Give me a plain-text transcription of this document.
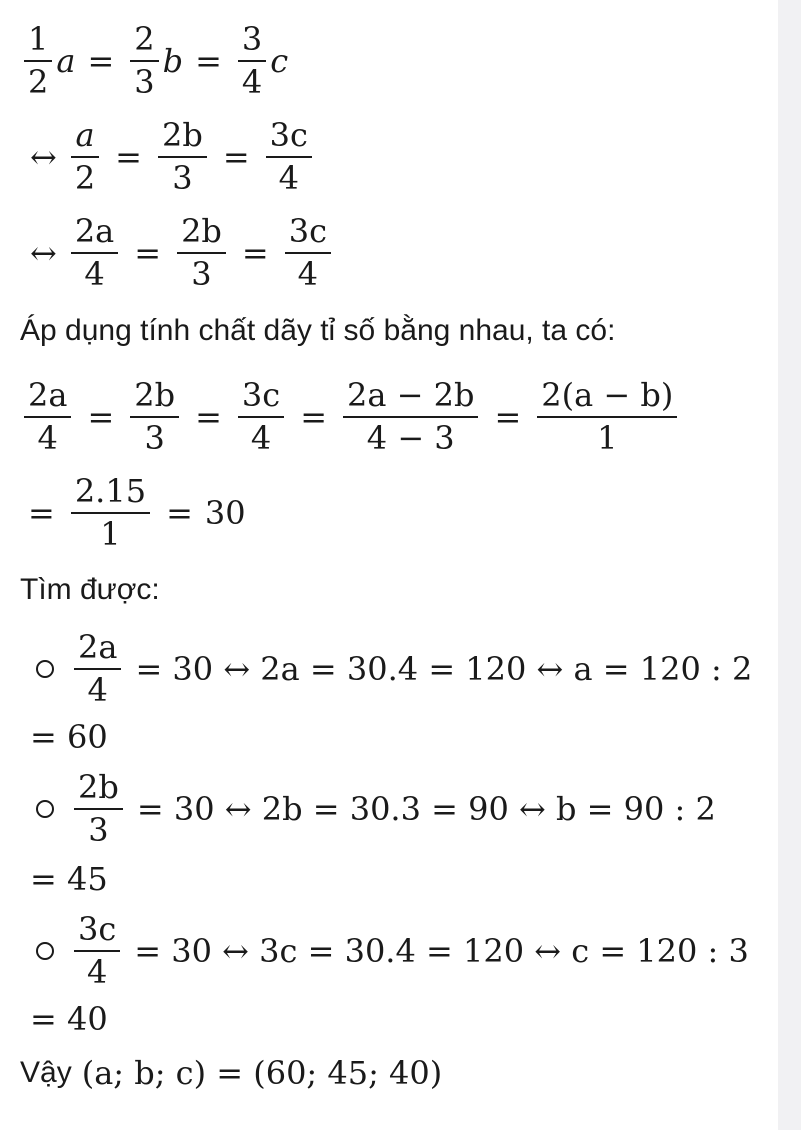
$\frac{1}{2}$ $a = \frac{2}{3}$ $b = \frac{3}{4}$ c
↔ $\frac{a}{2} = \frac{2b}{3} = \frac{3c}{4}$
↔ $\frac{2a}{4} = \frac{2b}{3} = \frac{3c}{4}$
Áp dụng tính chất dãy tỉ số bằng nhau, ta có:
$\frac{2a}{4} = \frac{2b}{3} = \frac{3c}{4} = \frac{2a - 2b}{4 - 3} = \frac{2(a - b)}{1}$
= $\frac{2.15}{1} = 30$
Tìm được:
$\frac{2a}{4} = 30$ ↔ 2a = 30.4 = 120 ↔ a = 120 : 2
= 60
$\frac{2b}{3} = 30$ ↔ 2b = 30.3 = 90 ↔ b = 90 : 2
= 45
$\frac{3c}{4} = 30$ ↔ 3c = 30.4 = 120 ↔ c = 120 : 3
= 40
Vậy (a; b; c) = (60; 45; 40)
